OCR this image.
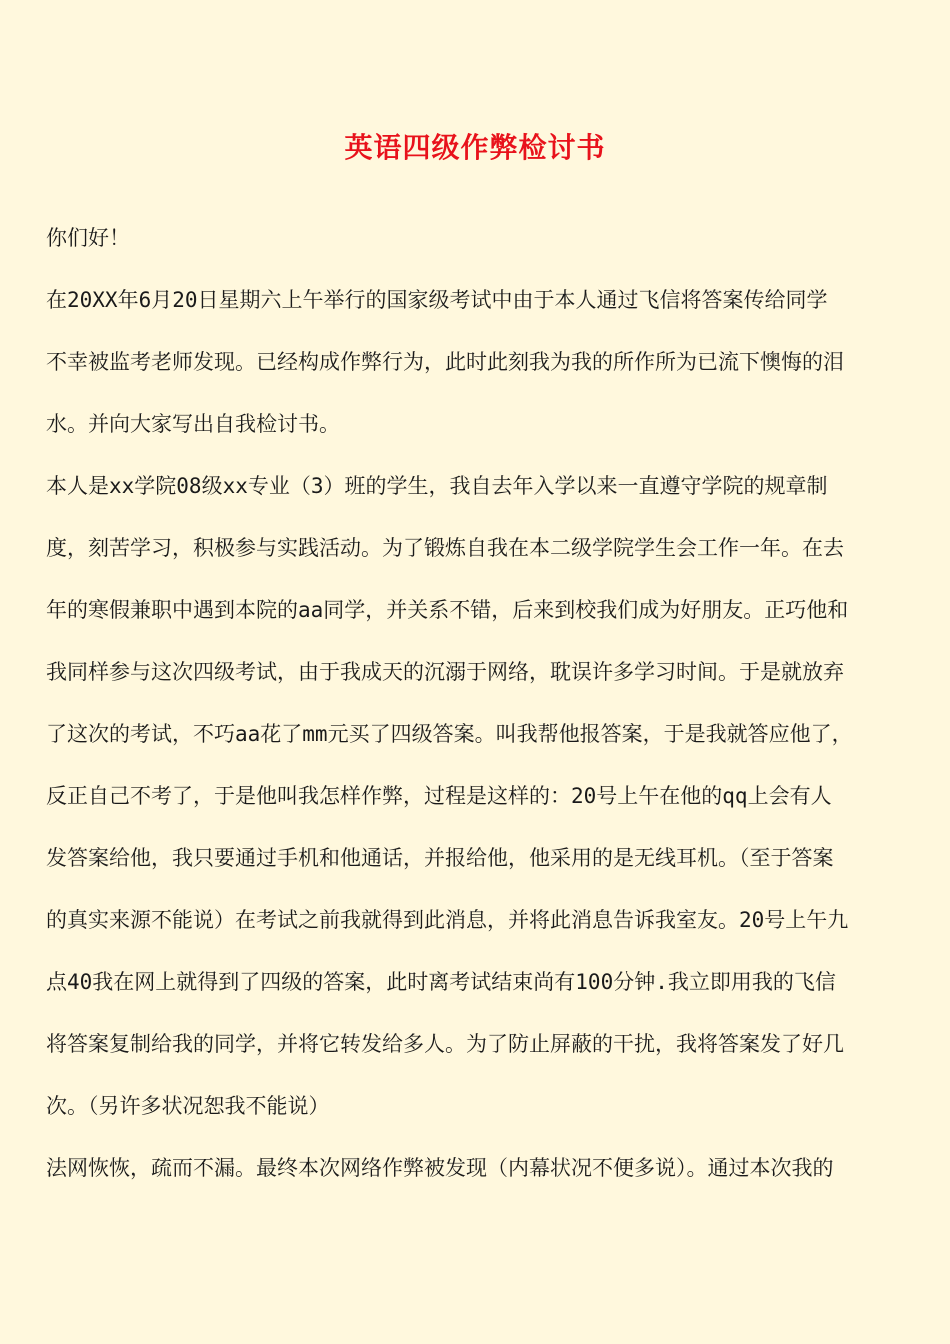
英语四级作弊检讨书
你们好！
在20XX年6月20日星期六上午举行的国家级考试中由于本人通过飞信将答案传给同学
不幸被监考老师发现。已经构成作弊行为，此时此刻我为我的所作所为已流下懊悔的泪
水。并向大家写出自我检讨书。
本人是xx学院08级xx专业（3）班的学生，我自去年入学以来一直遵守学院的规章制
度，刻苦学习，积极参与实践活动。为了锻炼自我在本二级学院学生会工作一年。在去
年的寒假兼职中遇到本院的aa同学，并关系不错，后来到校我们成为好朋友。正巧他和
我同样参与这次四级考试，由于我成天的沉溺于网络，耽误许多学习时间。于是就放弃
了这次的考试，不巧aa花了mm元买了四级答案。叫我帮他报答案，于是我就答应他了，
反正自己不考了，于是他叫我怎样作弊，过程是这样的：20号上午在他的qq上会有人
发答案给他，我只要通过手机和他通话，并报给他，他采用的是无线耳机。（至于答案
的真实来源不能说）在考试之前我就得到此消息，并将此消息告诉我室友。20号上午九
点40我在网上就得到了四级的答案，此时离考试结束尚有100分钟.我立即用我的飞信
将答案复制给我的同学，并将它转发给多人。为了防止屏蔽的干扰，我将答案发了好几
次。（另许多状况恕我不能说）
法网恢恢，疏而不漏。最终本次网络作弊被发现（内幕状况不便多说）。通过本次我的
